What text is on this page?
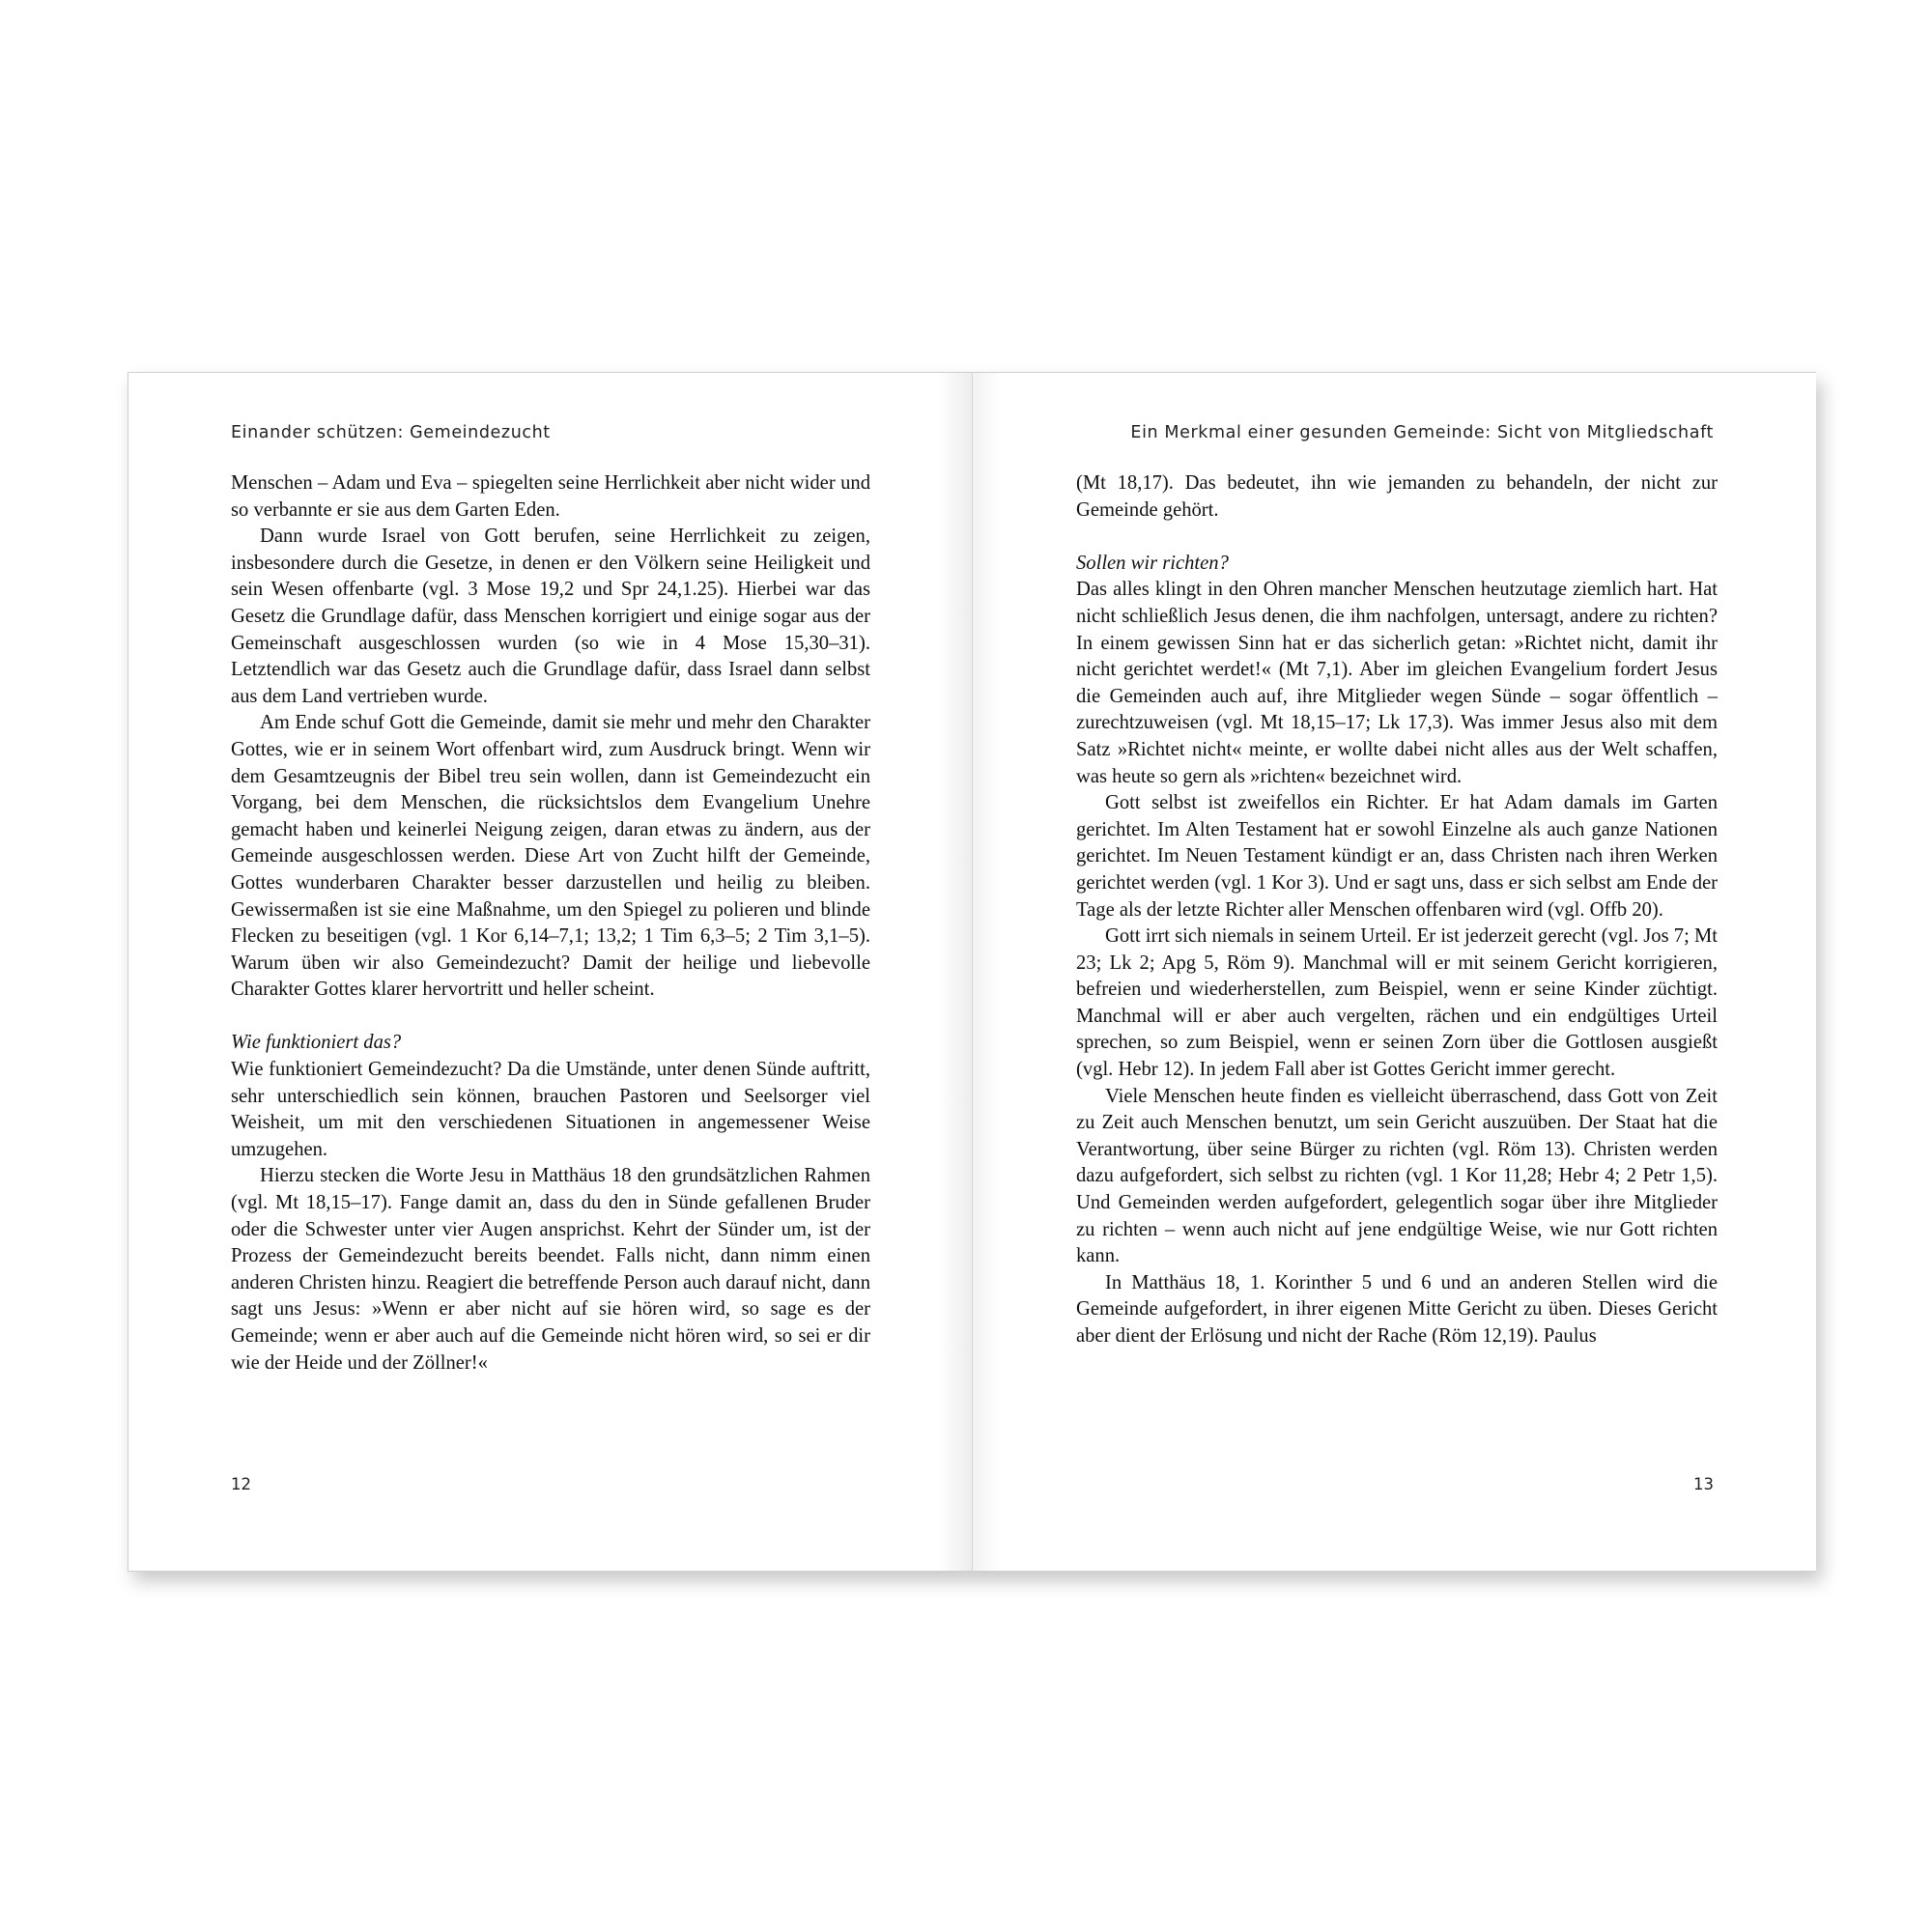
Einander schützen: Gemeindezucht

Menschen – Adam und Eva – spiegelten seine Herrlichkeit aber nicht wider und so verbannte er sie aus dem Garten Eden.

Dann wurde Israel von Gott berufen, seine Herrlichkeit zu zeigen, insbesondere durch die Gesetze, in denen er den Völkern seine Heiligkeit und sein Wesen offenbarte (vgl. 3 Mose 19,2 und Spr 24,1.25). Hierbei war das Gesetz die Grundlage dafür, dass Menschen korrigiert und einige sogar aus der Gemeinschaft ausgeschlossen wurden (so wie in 4 Mose 15,30–31). Letztendlich war das Gesetz auch die Grundlage dafür, dass Israel dann selbst aus dem Land vertrieben wurde.

Am Ende schuf Gott die Gemeinde, damit sie mehr und mehr den Charakter Gottes, wie er in seinem Wort offenbart wird, zum Ausdruck bringt. Wenn wir dem Gesamtzeugnis der Bibel treu sein wollen, dann ist Gemeindezucht ein Vorgang, bei dem Menschen, die rücksichtslos dem Evangelium Unehre gemacht haben und keinerlei Neigung zeigen, daran etwas zu ändern, aus der Gemeinde ausgeschlossen werden. Diese Art von Zucht hilft der Gemeinde, Gottes wunderbaren Charakter besser darzustellen und heilig zu bleiben. Gewissermaßen ist sie eine Maßnahme, um den Spiegel zu polieren und blinde Flecken zu beseitigen (vgl. 1 Kor 6,14–7,1; 13,2; 1 Tim 6,3–5; 2 Tim 3,1–5). Warum üben wir also Gemeindezucht? Damit der heilige und liebevolle Charakter Gottes klarer hervortritt und heller scheint.

Wie funktioniert das?

Wie funktioniert Gemeindezucht? Da die Umstände, unter denen Sünde auftritt, sehr unterschiedlich sein können, brauchen Pastoren und Seelsorger viel Weisheit, um mit den verschiedenen Situationen in angemessener Weise umzugehen.

Hierzu stecken die Worte Jesu in Matthäus 18 den grundsätzlichen Rahmen (vgl. Mt 18,15–17). Fange damit an, dass du den in Sünde gefallenen Bruder oder die Schwester unter vier Augen ansprichst. Kehrt der Sünder um, ist der Prozess der Gemeindezucht bereits beendet. Falls nicht, dann nimm einen anderen Christen hinzu. Reagiert die betreffende Person auch darauf nicht, dann sagt uns Jesus: »Wenn er aber nicht auf sie hören wird, so sage es der Gemeinde; wenn er aber auch auf die Gemeinde nicht hören wird, so sei er dir wie der Heide und der Zöllner!«

12
Ein Merkmal einer gesunden Gemeinde: Sicht von Mitgliedschaft

(Mt 18,17). Das bedeutet, ihn wie jemanden zu behandeln, der nicht zur Gemeinde gehört.

Sollen wir richten?

Das alles klingt in den Ohren mancher Menschen heutzutage ziemlich hart. Hat nicht schließlich Jesus denen, die ihm nachfolgen, untersagt, andere zu richten? In einem gewissen Sinn hat er das sicherlich getan: »Richtet nicht, damit ihr nicht gerichtet werdet!« (Mt 7,1). Aber im gleichen Evangelium fordert Jesus die Gemeinden auch auf, ihre Mitglieder wegen Sünde – sogar öffentlich – zurechtzuweisen (vgl. Mt 18,15–17; Lk 17,3). Was immer Jesus also mit dem Satz »Richtet nicht« meinte, er wollte dabei nicht alles aus der Welt schaffen, was heute so gern als »richten« bezeichnet wird.

Gott selbst ist zweifellos ein Richter. Er hat Adam damals im Garten gerichtet. Im Alten Testament hat er sowohl Einzelne als auch ganze Nationen gerichtet. Im Neuen Testament kündigt er an, dass Christen nach ihren Werken gerichtet werden (vgl. 1 Kor 3). Und er sagt uns, dass er sich selbst am Ende der Tage als der letzte Richter aller Menschen offenbaren wird (vgl. Offb 20).

Gott irrt sich niemals in seinem Urteil. Er ist jederzeit gerecht (vgl. Jos 7; Mt 23; Lk 2; Apg 5, Röm 9). Manchmal will er mit seinem Gericht korrigieren, befreien und wiederherstellen, zum Beispiel, wenn er seine Kinder züchtigt. Manchmal will er aber auch vergelten, rächen und ein endgültiges Urteil sprechen, so zum Beispiel, wenn er seinen Zorn über die Gottlosen ausgießt (vgl. Hebr 12). In jedem Fall aber ist Gottes Gericht immer gerecht.

Viele Menschen heute finden es vielleicht überraschend, dass Gott von Zeit zu Zeit auch Menschen benutzt, um sein Gericht auszuüben. Der Staat hat die Verantwortung, über seine Bürger zu richten (vgl. Röm 13). Christen werden dazu aufgefordert, sich selbst zu richten (vgl. 1 Kor 11,28; Hebr 4; 2 Petr 1,5). Und Gemeinden werden aufgefordert, gelegentlich sogar über ihre Mitglieder zu richten – wenn auch nicht auf jene endgültige Weise, wie nur Gott richten kann.

In Matthäus 18, 1. Korinther 5 und 6 und an anderen Stellen wird die Gemeinde aufgefordert, in ihrer eigenen Mitte Gericht zu üben. Dieses Gericht aber dient der Erlösung und nicht der Rache (Röm 12,19). Paulus

13
